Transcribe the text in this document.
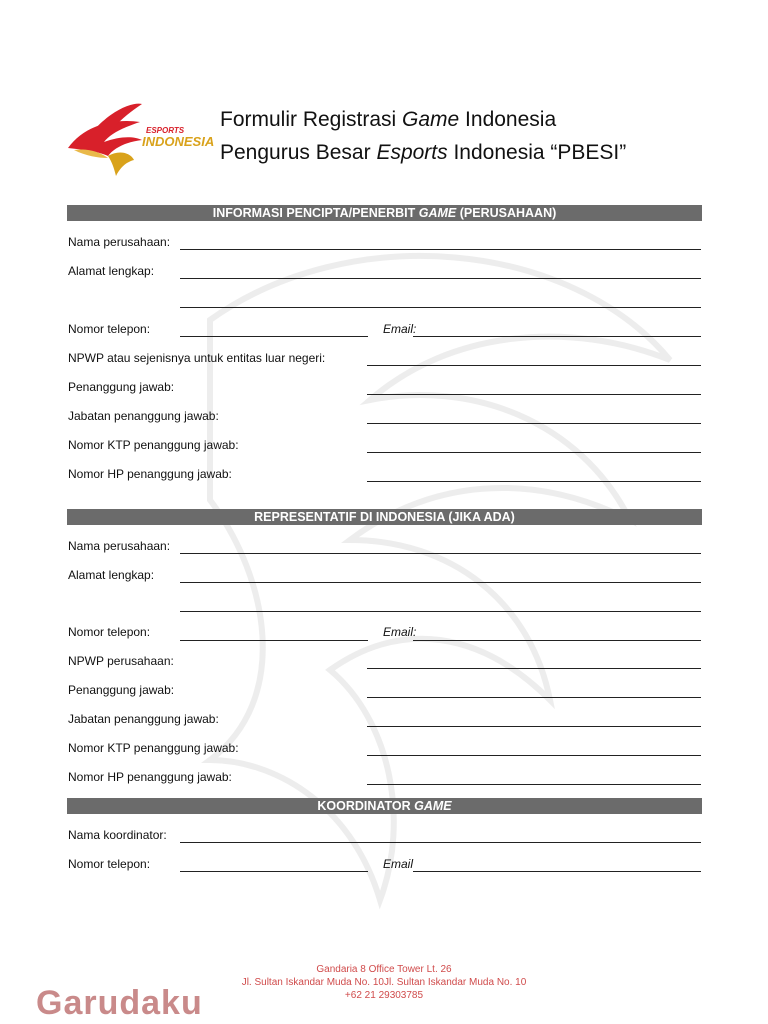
ESPORTS
INDONESIA
Formulir Registrasi Game Indonesia
Pengurus Besar Esports Indonesia “PBESI”
INFORMASI PENCIPTA/PENERBIT GAME (PERUSAHAAN)
Nama perusahaan:
Alamat lengkap:
Nomor telepon:	Email:
NPWP atau sejenisnya untuk entitas luar negeri:
Penanggung jawab:
Jabatan penanggung jawab:
Nomor KTP penanggung jawab:
Nomor HP penanggung jawab:
REPRESENTATIF DI INDONESIA (JIKA ADA)
Nama perusahaan:
Alamat lengkap:
Nomor telepon:	Email:
NPWP perusahaan:
Penanggung jawab:
Jabatan penanggung jawab:
Nomor KTP penanggung jawab:
Nomor HP penanggung jawab:
KOORDINATOR GAME
Nama koordinator:
Nomor telepon:	Email
Gandaria 8 Office Tower Lt. 26
Jl. Sultan Iskandar Muda No. 10Jl. Sultan Iskandar Muda No. 10
+62 21 29303785
Garudaku
